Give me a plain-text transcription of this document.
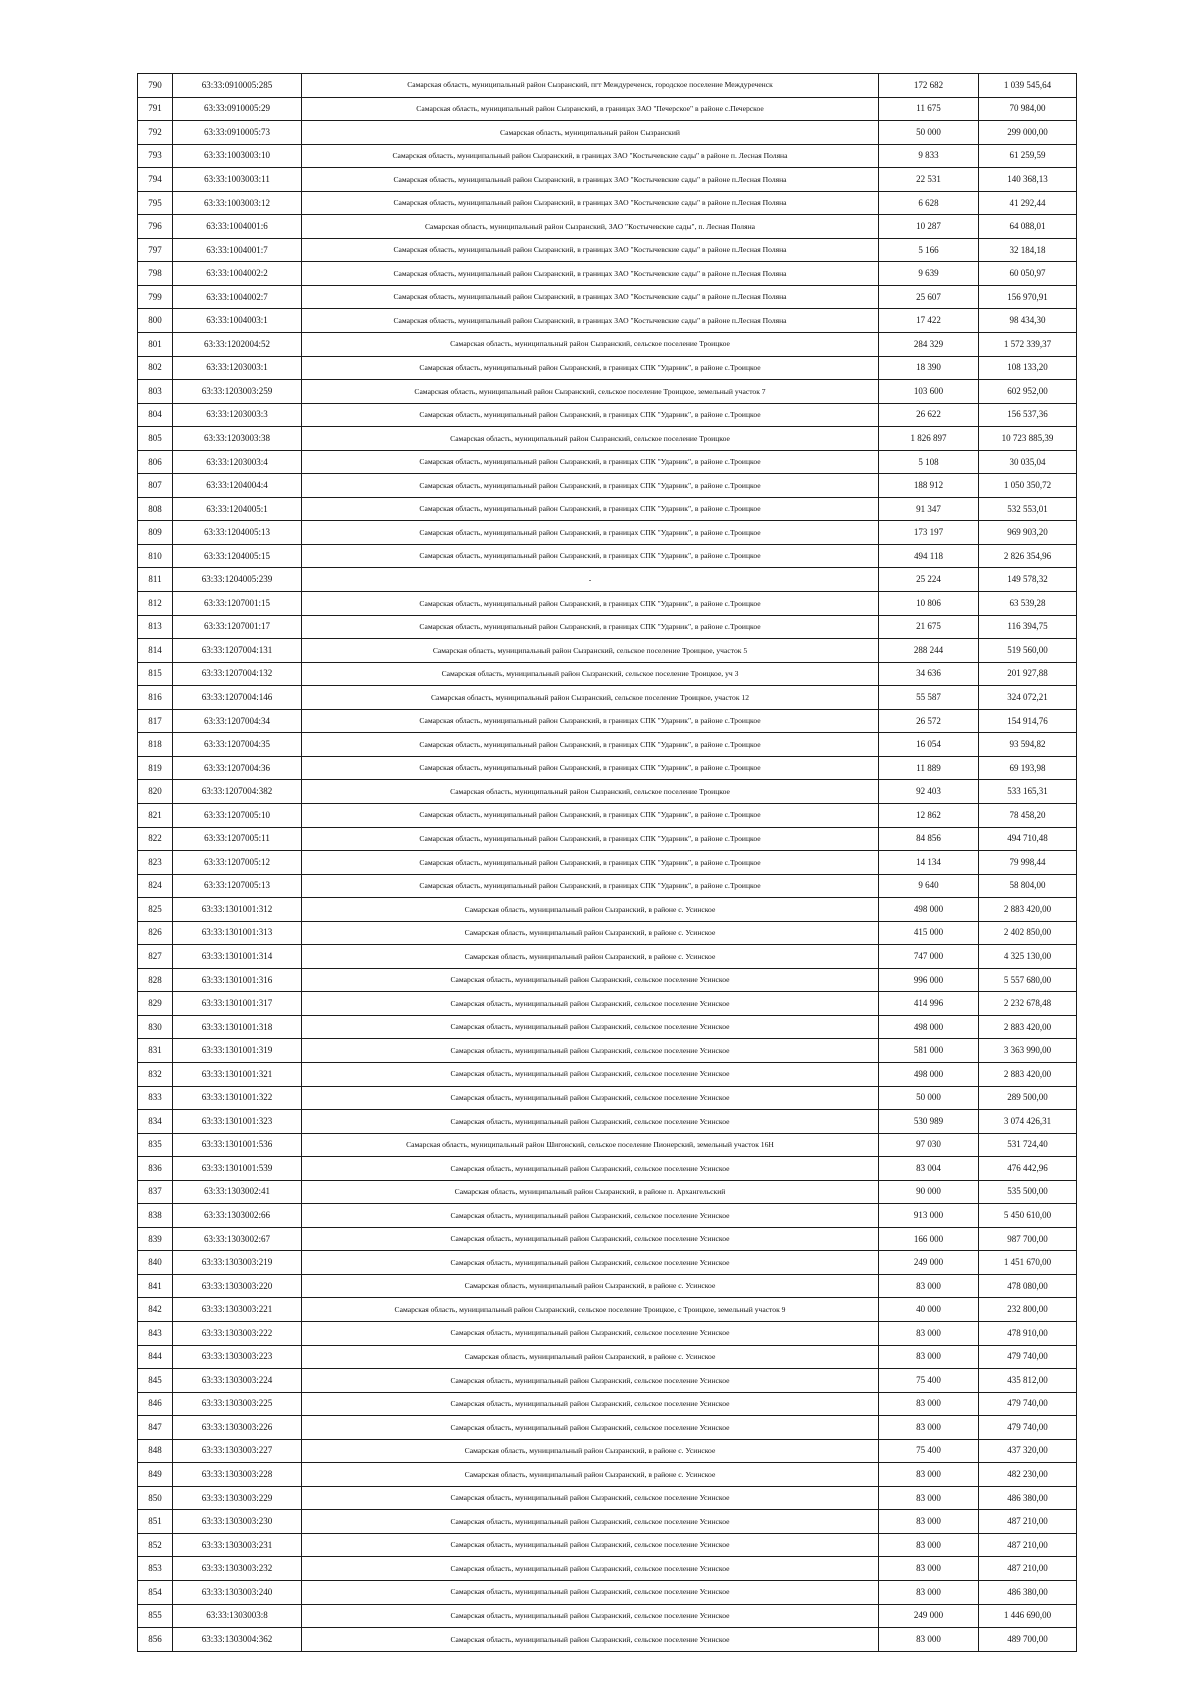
790	63:33:0910005:285	Самарская область, муниципальный район Сызранский, пгт Междуреченск, городское поселение Междуреченск	172 682	1 039 545,64
791	63:33:0910005:29	Самарская область, муниципальный район Сызранский, в границах ЗАО "Печерское" в районе с.Печерское	11 675	70 984,00
792	63:33:0910005:73	Самарская область, муниципальный район Сызранский	50 000	299 000,00
793	63:33:1003003:10	Самарская область, муниципальный район Сызранский, в границах ЗАО "Костычевские сады" в районе п. Лесная Поляна	9 833	61 259,59
794	63:33:1003003:11	Самарская область, муниципальный район Сызранский, в границах ЗАО "Костычевские сады" в районе п.Лесная Поляна	22 531	140 368,13
795	63:33:1003003:12	Самарская область, муниципальный район Сызранский, в границах ЗАО "Костычевские сады" в районе п.Лесная Поляна	6 628	41 292,44
796	63:33:1004001:6	Самарская область, муниципальный район Сызранский, ЗАО "Костычевские сады", п. Лесная Поляна	10 287	64 088,01
797	63:33:1004001:7	Самарская область, муниципальный район Сызранский, в границах ЗАО "Костычевские сады" в районе п.Лесная Поляна	5 166	32 184,18
798	63:33:1004002:2	Самарская область, муниципальный район Сызранский, в границах ЗАО "Костычевские сады" в районе п.Лесная Поляна	9 639	60 050,97
799	63:33:1004002:7	Самарская область, муниципальный район Сызранский, в границах ЗАО "Костычевские сады" в районе п.Лесная Поляна	25 607	156 970,91
800	63:33:1004003:1	Самарская область, муниципальный район Сызранский, в границах ЗАО "Костычевские сады" в районе п.Лесная Поляна	17 422	98 434,30
801	63:33:1202004:52	Самарская область, муниципальный район Сызранский, сельское поселение Троицкое	284 329	1 572 339,37
802	63:33:1203003:1	Самарская область, муниципальный район Сызранский, в границах СПК "Ударник", в районе с.Троицкое	18 390	108 133,20
803	63:33:1203003:259	Самарская область, муниципальный район Сызранский, сельское поселение Троицкое, земельный участок 7	103 600	602 952,00
804	63:33:1203003:3	Самарская область, муниципальный район Сызранский, в границах СПК "Ударник", в районе с.Троицкое	26 622	156 537,36
805	63:33:1203003:38	Самарская область, муниципальный район Сызранский, сельское поселение Троицкое	1 826 897	10 723 885,39
806	63:33:1203003:4	Самарская область, муниципальный район Сызранский, в границах СПК "Ударник", в районе с.Троицкое	5 108	30 035,04
807	63:33:1204004:4	Самарская область, муниципальный район Сызранский, в границах СПК "Ударник", в районе с.Троицкое	188 912	1 050 350,72
808	63:33:1204005:1	Самарская область, муниципальный район Сызранский, в границах СПК "Ударник", в районе с.Троицкое	91 347	532 553,01
809	63:33:1204005:13	Самарская область, муниципальный район Сызранский, в границах СПК "Ударник", в районе с.Троицкое	173 197	969 903,20
810	63:33:1204005:15	Самарская область, муниципальный район Сызранский, в границах СПК "Ударник", в районе с.Троицкое	494 118	2 826 354,96
811	63:33:1204005:239	-	25 224	149 578,32
812	63:33:1207001:15	Самарская область, муниципальный район Сызранский, в границах СПК "Ударник", в районе с.Троицкое	10 806	63 539,28
813	63:33:1207001:17	Самарская область, муниципальный район Сызранский, в границах СПК "Ударник", в районе с.Троицкое	21 675	116 394,75
814	63:33:1207004:131	Самарская область, муниципальный район Сызранский, сельское поселение Троицкое, участок 5	288 244	519 560,00
815	63:33:1207004:132	Самарская область, муниципальный район Сызранский, сельское поселение Троицкое, уч 3	34 636	201 927,88
816	63:33:1207004:146	Самарская область, муниципальный район Сызранский, сельское поселение Троицкое, участок 12	55 587	324 072,21
817	63:33:1207004:34	Самарская область, муниципальный район Сызранский, в границах СПК "Ударник", в районе с.Троицкое	26 572	154 914,76
818	63:33:1207004:35	Самарская область, муниципальный район Сызранский, в границах СПК "Ударник", в районе с.Троицкое	16 054	93 594,82
819	63:33:1207004:36	Самарская область, муниципальный район Сызранский, в границах СПК "Ударник", в районе с.Троицкое	11 889	69 193,98
820	63:33:1207004:382	Самарская область, муниципальный район Сызранский, сельское поселение Троицкое	92 403	533 165,31
821	63:33:1207005:10	Самарская область, муниципальный район Сызранский, в границах СПК "Ударник", в районе с.Троицкое	12 862	78 458,20
822	63:33:1207005:11	Самарская область, муниципальный район Сызранский, в границах СПК "Ударник", в районе с.Троицкое	84 856	494 710,48
823	63:33:1207005:12	Самарская область, муниципальный район Сызранский, в границах СПК "Ударник", в районе с.Троицкое	14 134	79 998,44
824	63:33:1207005:13	Самарская область, муниципальный район Сызранский, в границах СПК "Ударник", в районе с.Троицкое	9 640	58 804,00
825	63:33:1301001:312	Самарская область, муниципальный район Сызранский, в районе с. Усинское	498 000	2 883 420,00
826	63:33:1301001:313	Самарская область, муниципальный район Сызранский, в районе с. Усинское	415 000	2 402 850,00
827	63:33:1301001:314	Самарская область, муниципальный район Сызранский, в районе с. Усинское	747 000	4 325 130,00
828	63:33:1301001:316	Самарская область, муниципальный район Сызранский, сельское поселение Усинское	996 000	5 557 680,00
829	63:33:1301001:317	Самарская область, муниципальный район Сызранский, сельское поселение Усинское	414 996	2 232 678,48
830	63:33:1301001:318	Самарская область, муниципальный район Сызранский, сельское поселение Усинское	498 000	2 883 420,00
831	63:33:1301001:319	Самарская область, муниципальный район Сызранский, сельское поселение Усинское	581 000	3 363 990,00
832	63:33:1301001:321	Самарская область, муниципальный район Сызранский, сельское поселение Усинское	498 000	2 883 420,00
833	63:33:1301001:322	Самарская область, муниципальный район Сызранский, сельское поселение Усинское	50 000	289 500,00
834	63:33:1301001:323	Самарская область, муниципальный район Сызранский, сельское поселение Усинское	530 989	3 074 426,31
835	63:33:1301001:536	Самарская область, муниципальный район Шигонский, сельское поселение Пионерский, земельный участок 16Н	97 030	531 724,40
836	63:33:1301001:539	Самарская область, муниципальный район Сызранский, сельское поселение Усинское	83 004	476 442,96
837	63:33:1303002:41	Самарская область, муниципальный район Сызранский, в районе п. Архангельский	90 000	535 500,00
838	63:33:1303002:66	Самарская область, муниципальный район Сызранский, сельское поселение Усинское	913 000	5 450 610,00
839	63:33:1303002:67	Самарская область, муниципальный район Сызранский, сельское поселение Усинское	166 000	987 700,00
840	63:33:1303003:219	Самарская область, муниципальный район Сызранский, сельское поселение Усинское	249 000	1 451 670,00
841	63:33:1303003:220	Самарская область, муниципальный район Сызранский, в районе с. Усинское	83 000	478 080,00
842	63:33:1303003:221	Самарская область, муниципальный район Сызранский, сельское поселение Троицкое, с Троицкое, земельный участок 9	40 000	232 800,00
843	63:33:1303003:222	Самарская область, муниципальный район Сызранский, сельское поселение Усинское	83 000	478 910,00
844	63:33:1303003:223	Самарская область, муниципальный район Сызранский, в районе с. Усинское	83 000	479 740,00
845	63:33:1303003:224	Самарская область, муниципальный район Сызранский, сельское поселение Усинское	75 400	435 812,00
846	63:33:1303003:225	Самарская область, муниципальный район Сызранский, сельское поселение Усинское	83 000	479 740,00
847	63:33:1303003:226	Самарская область, муниципальный район Сызранский, сельское поселение Усинское	83 000	479 740,00
848	63:33:1303003:227	Самарская область, муниципальный район Сызранский, в районе с. Усинское	75 400	437 320,00
849	63:33:1303003:228	Самарская область, муниципальный район Сызранский, в районе с. Усинское	83 000	482 230,00
850	63:33:1303003:229	Самарская область, муниципальный район Сызранский, сельское поселение Усинское	83 000	486 380,00
851	63:33:1303003:230	Самарская область, муниципальный район Сызранский, сельское поселение Усинское	83 000	487 210,00
852	63:33:1303003:231	Самарская область, муниципальный район Сызранский, сельское поселение Усинское	83 000	487 210,00
853	63:33:1303003:232	Самарская область, муниципальный район Сызранский, сельское поселение Усинское	83 000	487 210,00
854	63:33:1303003:240	Самарская область, муниципальный район Сызранский, сельское поселение Усинское	83 000	486 380,00
855	63:33:1303003:8	Самарская область, муниципальный район Сызранский, сельское поселение Усинское	249 000	1 446 690,00
856	63:33:1303004:362	Самарская область, муниципальный район Сызранский, сельское поселение Усинское	83 000	489 700,00
